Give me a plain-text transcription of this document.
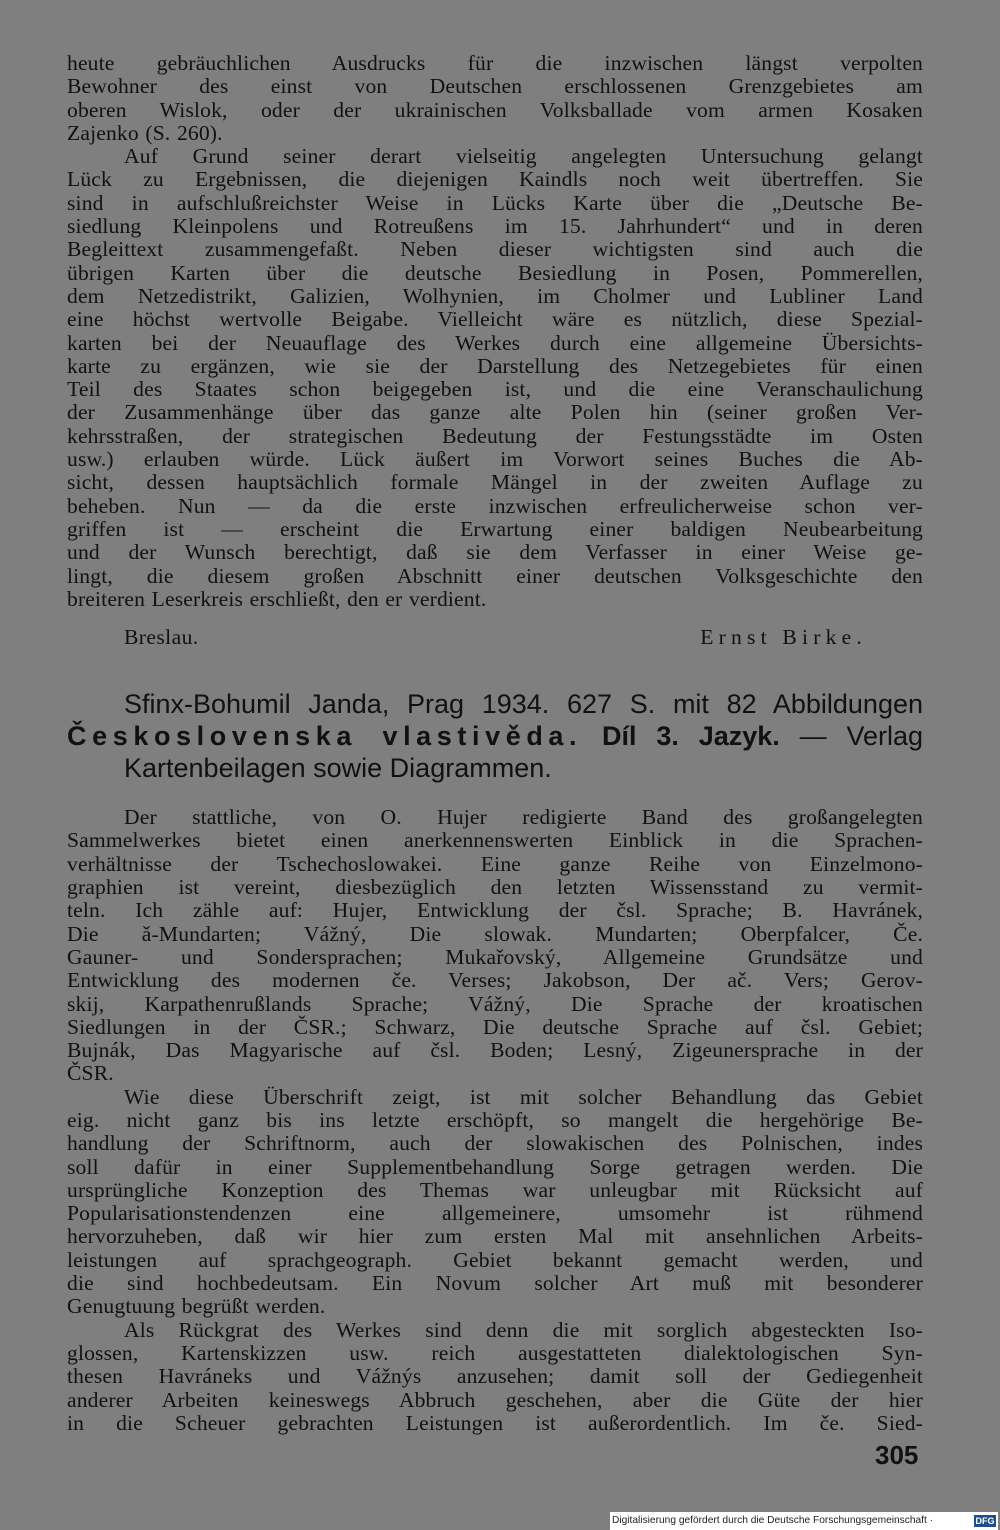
heute gebräuchlichen Ausdrucks für die inzwischen längst verpolten
Bewohner des einst von Deutschen erschlossenen Grenzgebietes am
oberen Wislok, oder der ukrainischen Volksballade vom armen Kosaken
Zajenko (S. 260).
Auf Grund seiner derart vielseitig angelegten Untersuchung gelangt
Lück zu Ergebnissen, die diejenigen Kaindls noch weit übertreffen. Sie
sind in aufschlußreichster Weise in Lücks Karte über die „Deutsche Be-
siedlung Kleinpolens und Rotreußens im 15. Jahrhundert“ und in deren
Begleittext zusammengefaßt. Neben dieser wichtigsten sind auch die
übrigen Karten über die deutsche Besiedlung in Posen, Pommerellen,
dem Netzedistrikt, Galizien, Wolhynien, im Cholmer und Lubliner Land
eine höchst wertvolle Beigabe. Vielleicht wäre es nützlich, diese Spezial-
karten bei der Neuauflage des Werkes durch eine allgemeine Übersichts-
karte zu ergänzen, wie sie der Darstellung des Netzegebietes für einen
Teil des Staates schon beigegeben ist, und die eine Veranschaulichung
der Zusammenhänge über das ganze alte Polen hin (seiner großen Ver-
kehrsstraßen, der strategischen Bedeutung der Festungsstädte im Osten
usw.) erlauben würde. Lück äußert im Vorwort seines Buches die Ab-
sicht, dessen hauptsächlich formale Mängel in der zweiten Auflage zu
beheben. Nun — da die erste inzwischen erfreulicherweise schon ver-
griffen ist — erscheint die Erwartung einer baldigen Neubearbeitung
und der Wunsch berechtigt, daß sie dem Verfasser in einer Weise ge-
lingt, die diesem großen Abschnitt einer deutschen Volksgeschichte den
breiteren Leserkreis erschließt, den er verdient.
Breslau.	Ernst Birke.
Sfinx-Bohumil Janda, Prag 1934. 627 S. mit 82 Abbildungen
Československa vlastivěda. Díl 3. Jazyk. — Verlag
Kartenbeilagen sowie Diagrammen.
Der stattliche, von O. Hujer redigierte Band des großangelegten
Sammelwerkes bietet einen anerkennenswerten Einblick in die Sprachen-
verhältnisse der Tschechoslowakei. Eine ganze Reihe von Einzelmono-
graphien ist vereint, diesbezüglich den letzten Wissensstand zu vermit-
teln. Ich zähle auf: Hujer, Entwicklung der čsl. Sprache; B. Havránek,
Die ǎ-Mundarten; Vážný, Die slowak. Mundarten; Oberpfalcer, Če.
Gauner- und Sondersprachen; Mukařovský, Allgemeine Grundsätze und
Entwicklung des modernen če. Verses; Jakobson, Der ač. Vers; Gerov-
skij, Karpathenrußlands Sprache; Vážný, Die Sprache der kroatischen
Siedlungen in der ČSR.; Schwarz, Die deutsche Sprache auf čsl. Gebiet;
Bujnák, Das Magyarische auf čsl. Boden; Lesný, Zigeunersprache in der
ČSR.
Wie diese Überschrift zeigt, ist mit solcher Behandlung das Gebiet
eig. nicht ganz bis ins letzte erschöpft, so mangelt die hergehörige Be-
handlung der Schriftnorm, auch der slowakischen des Polnischen, indes
soll dafür in einer Supplementbehandlung Sorge getragen werden. Die
ursprüngliche Konzeption des Themas war unleugbar mit Rücksicht auf
Popularisationstendenzen eine allgemeinere, umsomehr ist rühmend
hervorzuheben, daß wir hier zum ersten Mal mit ansehnlichen Arbeits-
leistungen auf sprachgeograph. Gebiet bekannt gemacht werden, und
die sind hochbedeutsam. Ein Novum solcher Art muß mit besonderer
Genugtuung begrüßt werden.
Als Rückgrat des Werkes sind denn die mit sorglich abgesteckten Iso-
glossen, Kartenskizzen usw. reich ausgestatteten dialektologischen Syn-
thesen Havráneks und Vážnýs anzusehen; damit soll der Gediegenheit
anderer Arbeiten keineswegs Abbruch geschehen, aber die Güte der hier
in die Scheuer gebrachten Leistungen ist außerordentlich. Im če. Sied-
305
Digitalisierung gefördert durch die Deutsche Forschungsgemeinschaft ·	DFG
